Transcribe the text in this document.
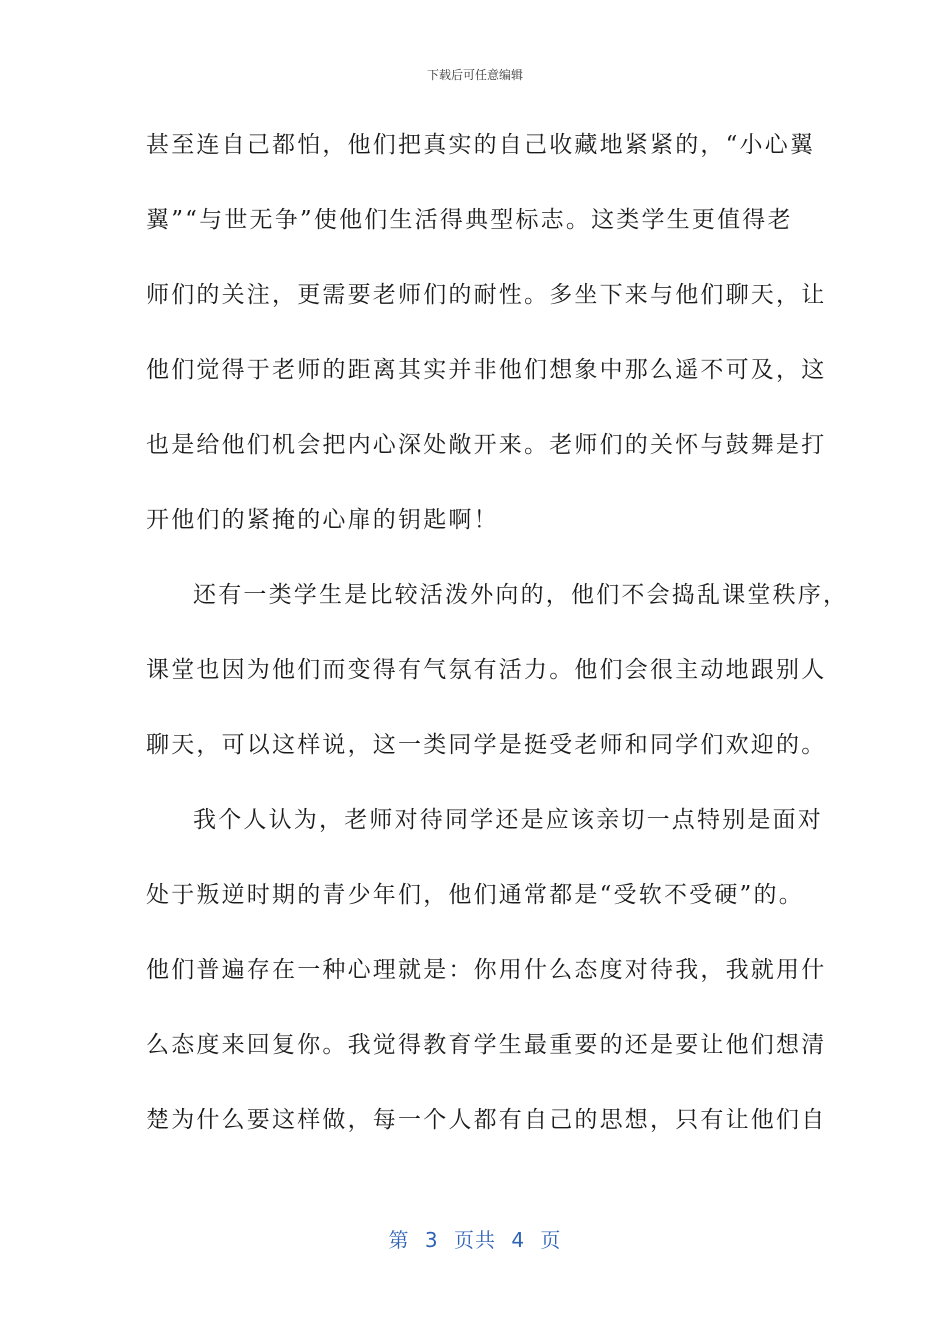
下载后可任意编辑
甚至连自己都怕，他们把真实的自己收藏地紧紧的，“小心翼
翼”“与世无争”使他们生活得典型标志。这类学生更值得老
师们的关注，更需要老师们的耐性。多坐下来与他们聊天，让
他们觉得于老师的距离其实并非他们想象中那么遥不可及，这
也是给他们机会把内心深处敞开来。老师们的关怀与鼓舞是打
开他们的紧掩的心扉的钥匙啊！
还有一类学生是比较活泼外向的，他们不会捣乱课堂秩序，
课堂也因为他们而变得有气氛有活力。他们会很主动地跟别人
聊天，可以这样说，这一类同学是挺受老师和同学们欢迎的。
我个人认为，老师对待同学还是应该亲切一点特别是面对
处于叛逆时期的青少年们，他们通常都是“受软不受硬”的。
他们普遍存在一种心理就是：你用什么态度对待我，我就用什
么态度来回复你。我觉得教育学生最重要的还是要让他们想清
楚为什么要这样做，每一个人都有自己的思想，只有让他们自
第 3 页共 4 页
